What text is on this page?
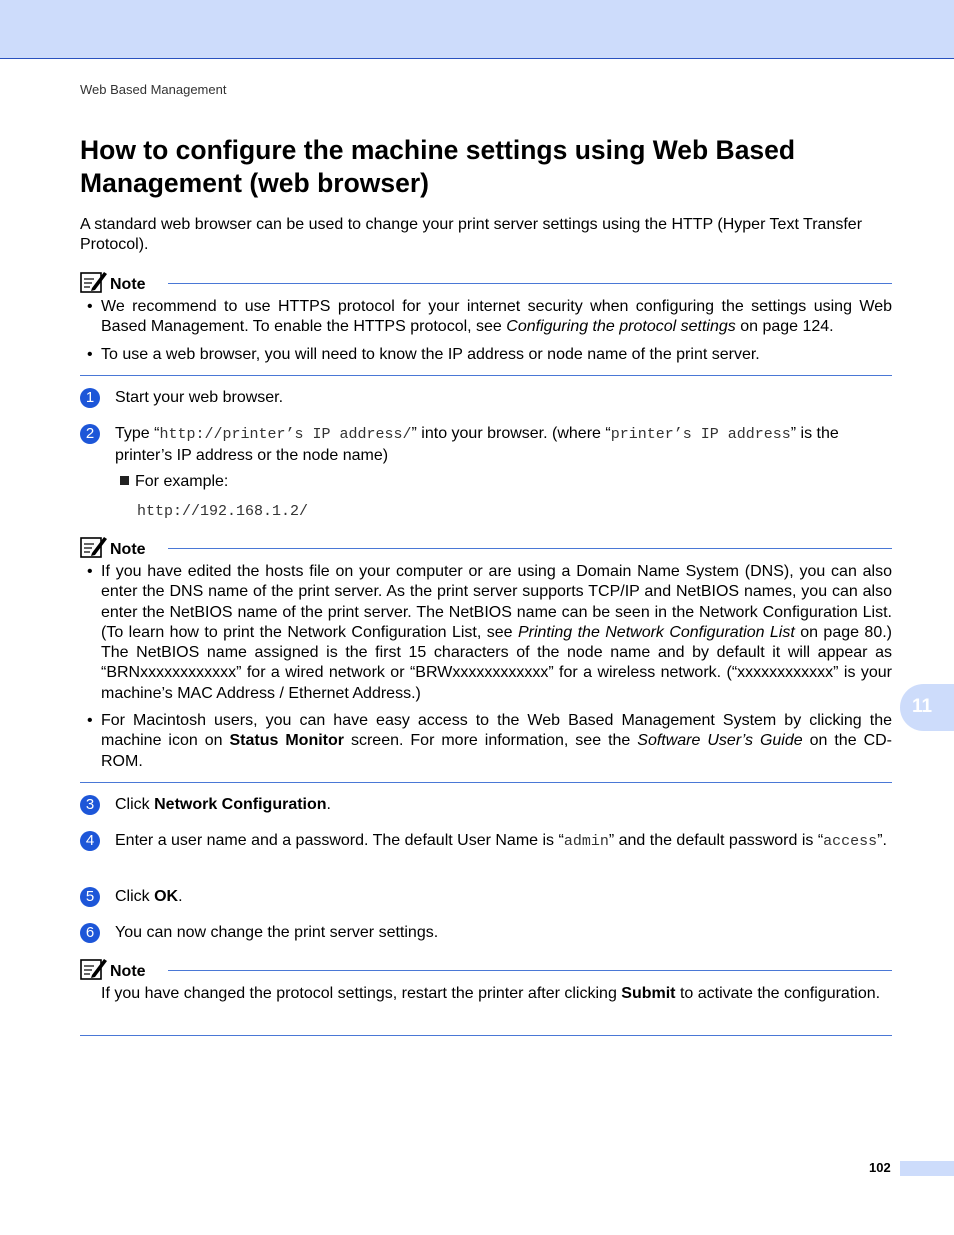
Web Based Management
How to configure the machine settings using Web Based Management (web browser)

A standard web browser can be used to change your print server settings using the HTTP (Hyper Text Transfer Protocol).

Note
• We recommend to use HTTPS protocol for your internet security when configuring the settings using Web Based Management. To enable the HTTPS protocol, see Configuring the protocol settings on page 124.
• To use a web browser, you will need to know the IP address or node name of the print server.
1	Start your web browser.
2	Type “http://printer’s IP address/” into your browser. (where “printer’s IP address” is the printer’s IP address or the node name)
For example:
http://192.168.1.2/
Note
• If you have edited the hosts file on your computer or are using a Domain Name System (DNS), you can also enter the DNS name of the print server. As the print server supports TCP/IP and NetBIOS names, you can also enter the NetBIOS name of the print server. The NetBIOS name can be seen in the Network Configuration List. (To learn how to print the Network Configuration List, see Printing the Network Configuration List on page 80.) The NetBIOS name assigned is the first 15 characters of the node name and by default it will appear as “BRNxxxxxxxxxxxx” for a wired network or “BRWxxxxxxxxxxxx” for a wireless network. (“xxxxxxxxxxxx” is your machine’s MAC Address / Ethernet Address.)
• For Macintosh users, you can have easy access to the Web Based Management System by clicking the machine icon on Status Monitor screen. For more information, see the Software User’s Guide on the CD-ROM.
3	Click Network Configuration.
4	Enter a user name and a password. The default User Name is “admin” and the default password is “access”.
5	Click OK.
6	You can now change the print server settings.
Note
If you have changed the protocol settings, restart the printer after clicking Submit to activate the configuration.
11
102
